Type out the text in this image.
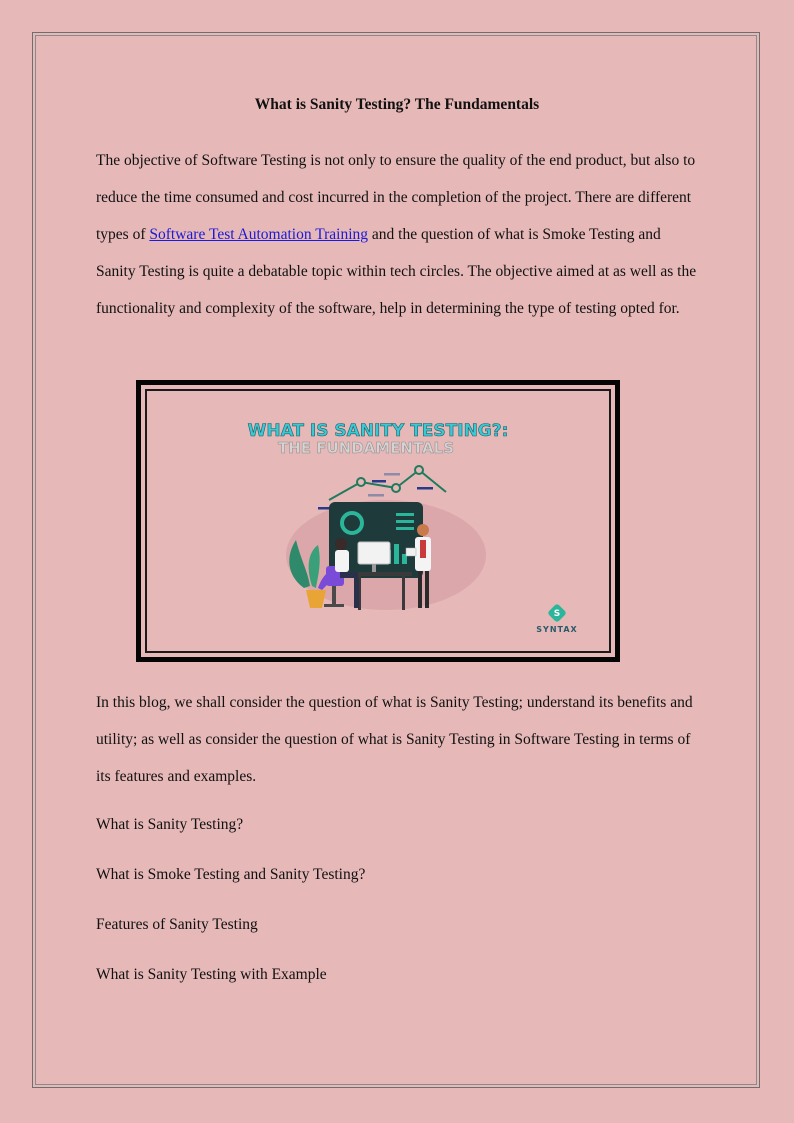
What is Sanity Testing? The Fundamentals

The objective of Software Testing is not only to ensure the quality of the end product, but also to reduce the time consumed and cost incurred in the completion of the project. There are different types of Software Test Automation Training and the question of what is Smoke Testing and Sanity Testing is quite a debatable topic within tech circles. The objective aimed at as well as the functionality and complexity of the software, help in determining the type of testing opted for.

WHAT IS SANITY TESTING?:
THE FUNDAMENTALS
S
SYNTAX

In this blog, we shall consider the question of what is Sanity Testing; understand its benefits and utility; as well as consider the question of what is Sanity Testing in Software Testing in terms of its features and examples.

What is Sanity Testing?
What is Smoke Testing and Sanity Testing?
Features of Sanity Testing
What is Sanity Testing with Example
